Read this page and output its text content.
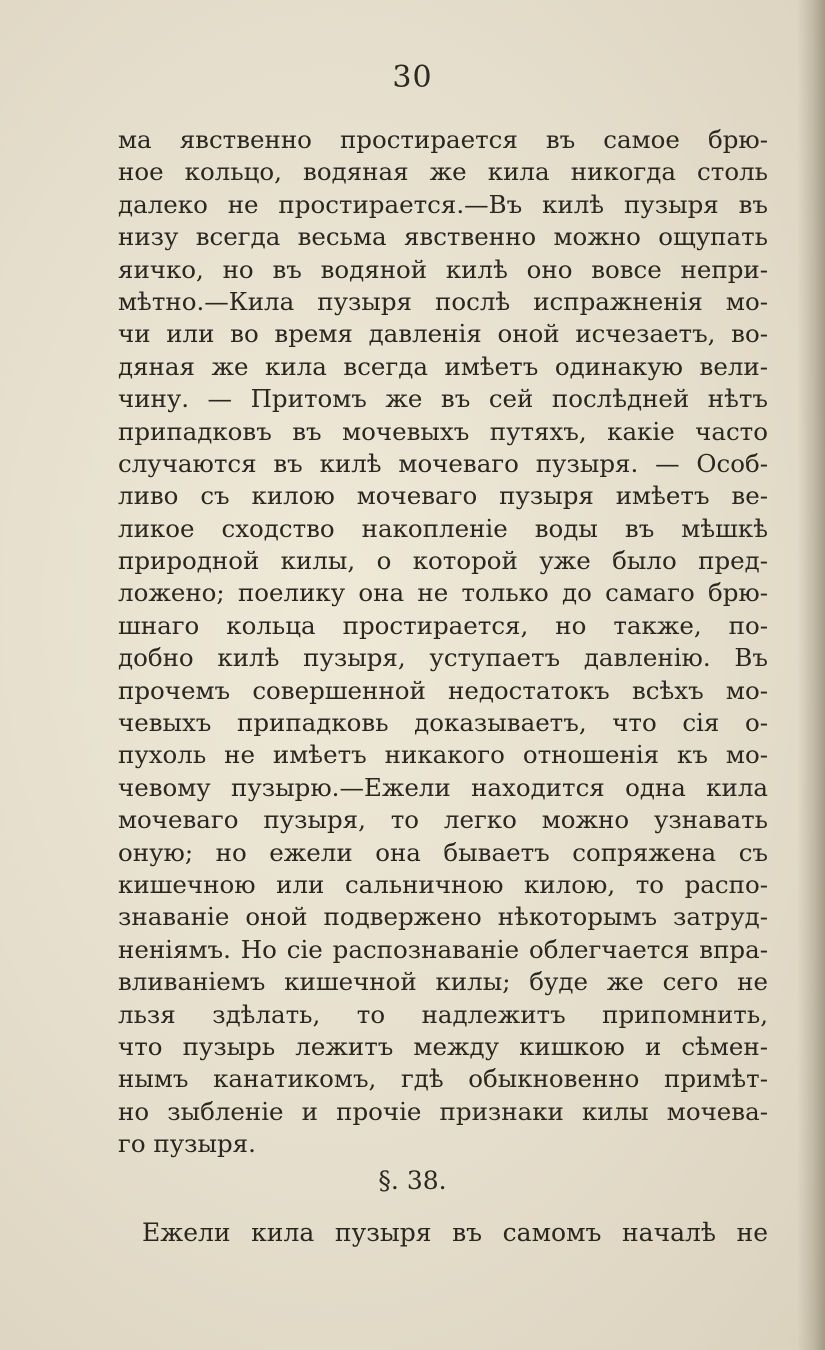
30
ма явственно простирается въ самое брю-
ное кольцо, водяная же кила никогда столь
далеко не простирается.—Въ килѣ пузыря въ
низу всегда весьма явственно можно ощупать
яичко, но въ водяной килѣ оно вовсе непри-
мѣтно.—Кила пузыря послѣ испражненія мо-
чи или во время давленія оной исчезаетъ, во-
дяная же кила всегда имѣетъ одинакую вели-
чину. — Притомъ же въ сей послѣдней нѣтъ
припадковъ въ мочевыхъ путяхъ, какіе часто
случаются въ килѣ мочеваго пузыря. — Особ-
ливо съ килою мочеваго пузыря имѣетъ ве-
ликое сходство накопленіе воды въ мѣшкѣ
природной килы, о которой уже было пред-
ложено; поелику она не только до самаго брю-
шнаго кольца простирается, но также, по-
добно килѣ пузыря, уступаетъ давленію. Въ
прочемъ совершенной недостатокъ всѣхъ мо-
чевыхъ припадковь доказываетъ, что сія о-
пухоль не имѣетъ никакого отношенія къ мо-
чевому пузырю.—Ежели находится одна кила
мочеваго пузыря, то легко можно узнавать
оную; но ежели она бываетъ сопряжена съ
кишечною или сальничною килою, то распо-
знаваніе оной подвержено нѣкоторымъ затруд-
неніямъ. Но сіе распознаваніе облегчается впра-
вливаніемъ кишечной килы; буде же сего не
льзя здѣлать, то надлежитъ припомнить,
что пузырь лежитъ между кишкою и сѣмен-
нымъ канатикомъ, гдѣ обыкновенно примѣт-
но зыбленіе и прочіе признаки килы мочева-
го пузыря.
§. 38.
Ежели кила пузыря въ самомъ началѣ не
